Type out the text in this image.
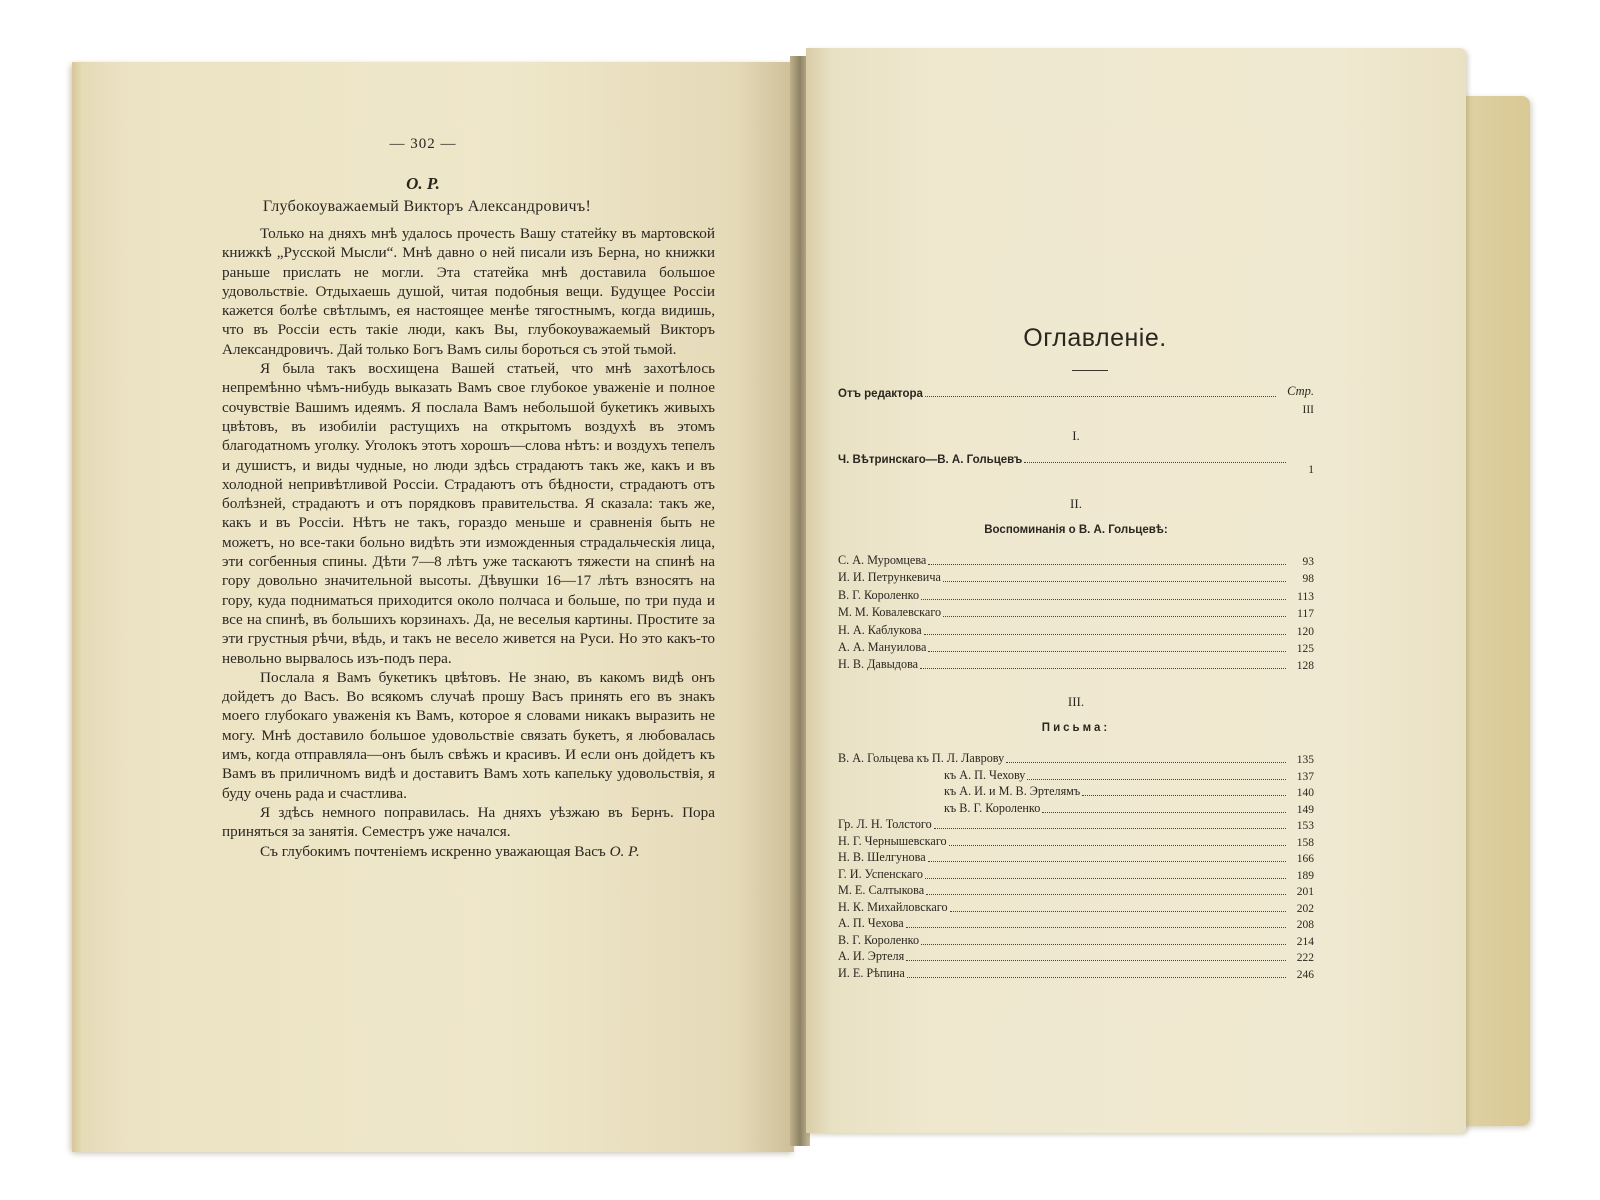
— 302 —
О. Р.
Глубокоуважаемый Викторъ Александровичъ!

Только на дняхъ мнѣ удалось прочесть Вашу статейку въ мартовской книжкѣ „Русской Мысли“. Мнѣ давно о ней писали изъ Берна, но книжки раньше прислать не могли. Эта статейка мнѣ доставила большое удовольствіе. Отдыхаешь душой, читая подобныя вещи. Будущее Россіи кажется болѣе свѣтлымъ, ея настоящее менѣе тягостнымъ, когда видишь, что въ Россіи есть такіе люди, какъ Вы, глубокоуважаемый Викторъ Александровичъ. Дай только Богъ Вамъ силы бороться съ этой тьмой.

Я была такъ восхищена Вашей статьей, что мнѣ захотѣлось непремѣнно чѣмъ-нибудь выказать Вамъ свое глубокое уваженіе и полное сочувствіе Вашимъ идеямъ. Я послала Вамъ небольшой букетикъ живыхъ цвѣтовъ, въ изобиліи растущихъ на открытомъ воздухѣ въ этомъ благодатномъ уголку. Уголокъ этотъ хорошъ—слова нѣтъ: и воздухъ тепелъ и душистъ, и виды чудные, но люди здѣсь страдаютъ такъ же, какъ и въ холодной непривѣтливой Россіи. Страдаютъ отъ бѣдности, страдаютъ отъ болѣзней, страдаютъ и отъ порядковъ правительства. Я сказала: такъ же, какъ и въ Россіи. Нѣтъ не такъ, гораздо меньше и сравненія быть не можетъ, но все-таки больно видѣть эти изможденныя страдальческія лица, эти согбенныя спины. Дѣти 7—8 лѣтъ уже таскаютъ тяжести на спинѣ на гору довольно значительной высоты. Дѣвушки 16—17 лѣтъ взносятъ на гору, куда подниматься приходится около полчаса и больше, по три пуда и все на спинѣ, въ большихъ корзинахъ. Да, не веселыя картины. Простите за эти грустныя рѣчи, вѣдь, и такъ не весело живется на Руси. Но это какъ-то невольно вырвалось изъ-подъ пера.

Послала я Вамъ букетикъ цвѣтовъ. Не знаю, въ какомъ видѣ онъ дойдетъ до Васъ. Во всякомъ случаѣ прошу Васъ принять его въ знакъ моего глубокаго уваженія къ Вамъ, которое я словами никакъ выразить не могу. Мнѣ доставило большое удовольствіе связать букетъ, я любовалась имъ, когда отправляла—онъ былъ свѣжъ и красивъ. И если онъ дойдетъ къ Вамъ въ приличномъ видѣ и доставитъ Вамъ хоть капельку удовольствія, я буду очень рада и счастлива.

Я здѣсь немного поправилась. На дняхъ уѣзжаю въ Бернъ. Пора приняться за занятія. Семестръ уже начался.

Съ глубокимъ почтеніемъ искренно уважающая Васъ О. Р.

Оглавленіе.
Стр.
Отъ редактора
III
I.
Ч. Вѣтринскаго—В. А. Гольцевъ
1
II.
Воспоминанія о В. А. Гольцевѣ:
С. А. Муромцева	93
И. И. Петрункевича	98
В. Г. Короленко	113
М. М. Ковалевскаго	117
Н. А. Каблукова	120
А. А. Мануилова	125
Н. В. Давыдова	128
III.
Письма:
В. А. Гольцева къ П. Л. Лаврову	135
къ А. П. Чехову	137
къ А. И. и М. В. Эртелямъ	140
къ В. Г. Короленко	149
Гр. Л. Н. Толстого	153
Н. Г. Чернышевскаго	158
Н. В. Шелгунова	166
Г. И. Успенскаго	189
М. Е. Салтыкова	201
Н. К. Михайловскаго	202
А. П. Чехова	208
В. Г. Короленко	214
А. И. Эртеля	222
И. Е. Рѣпина	246
